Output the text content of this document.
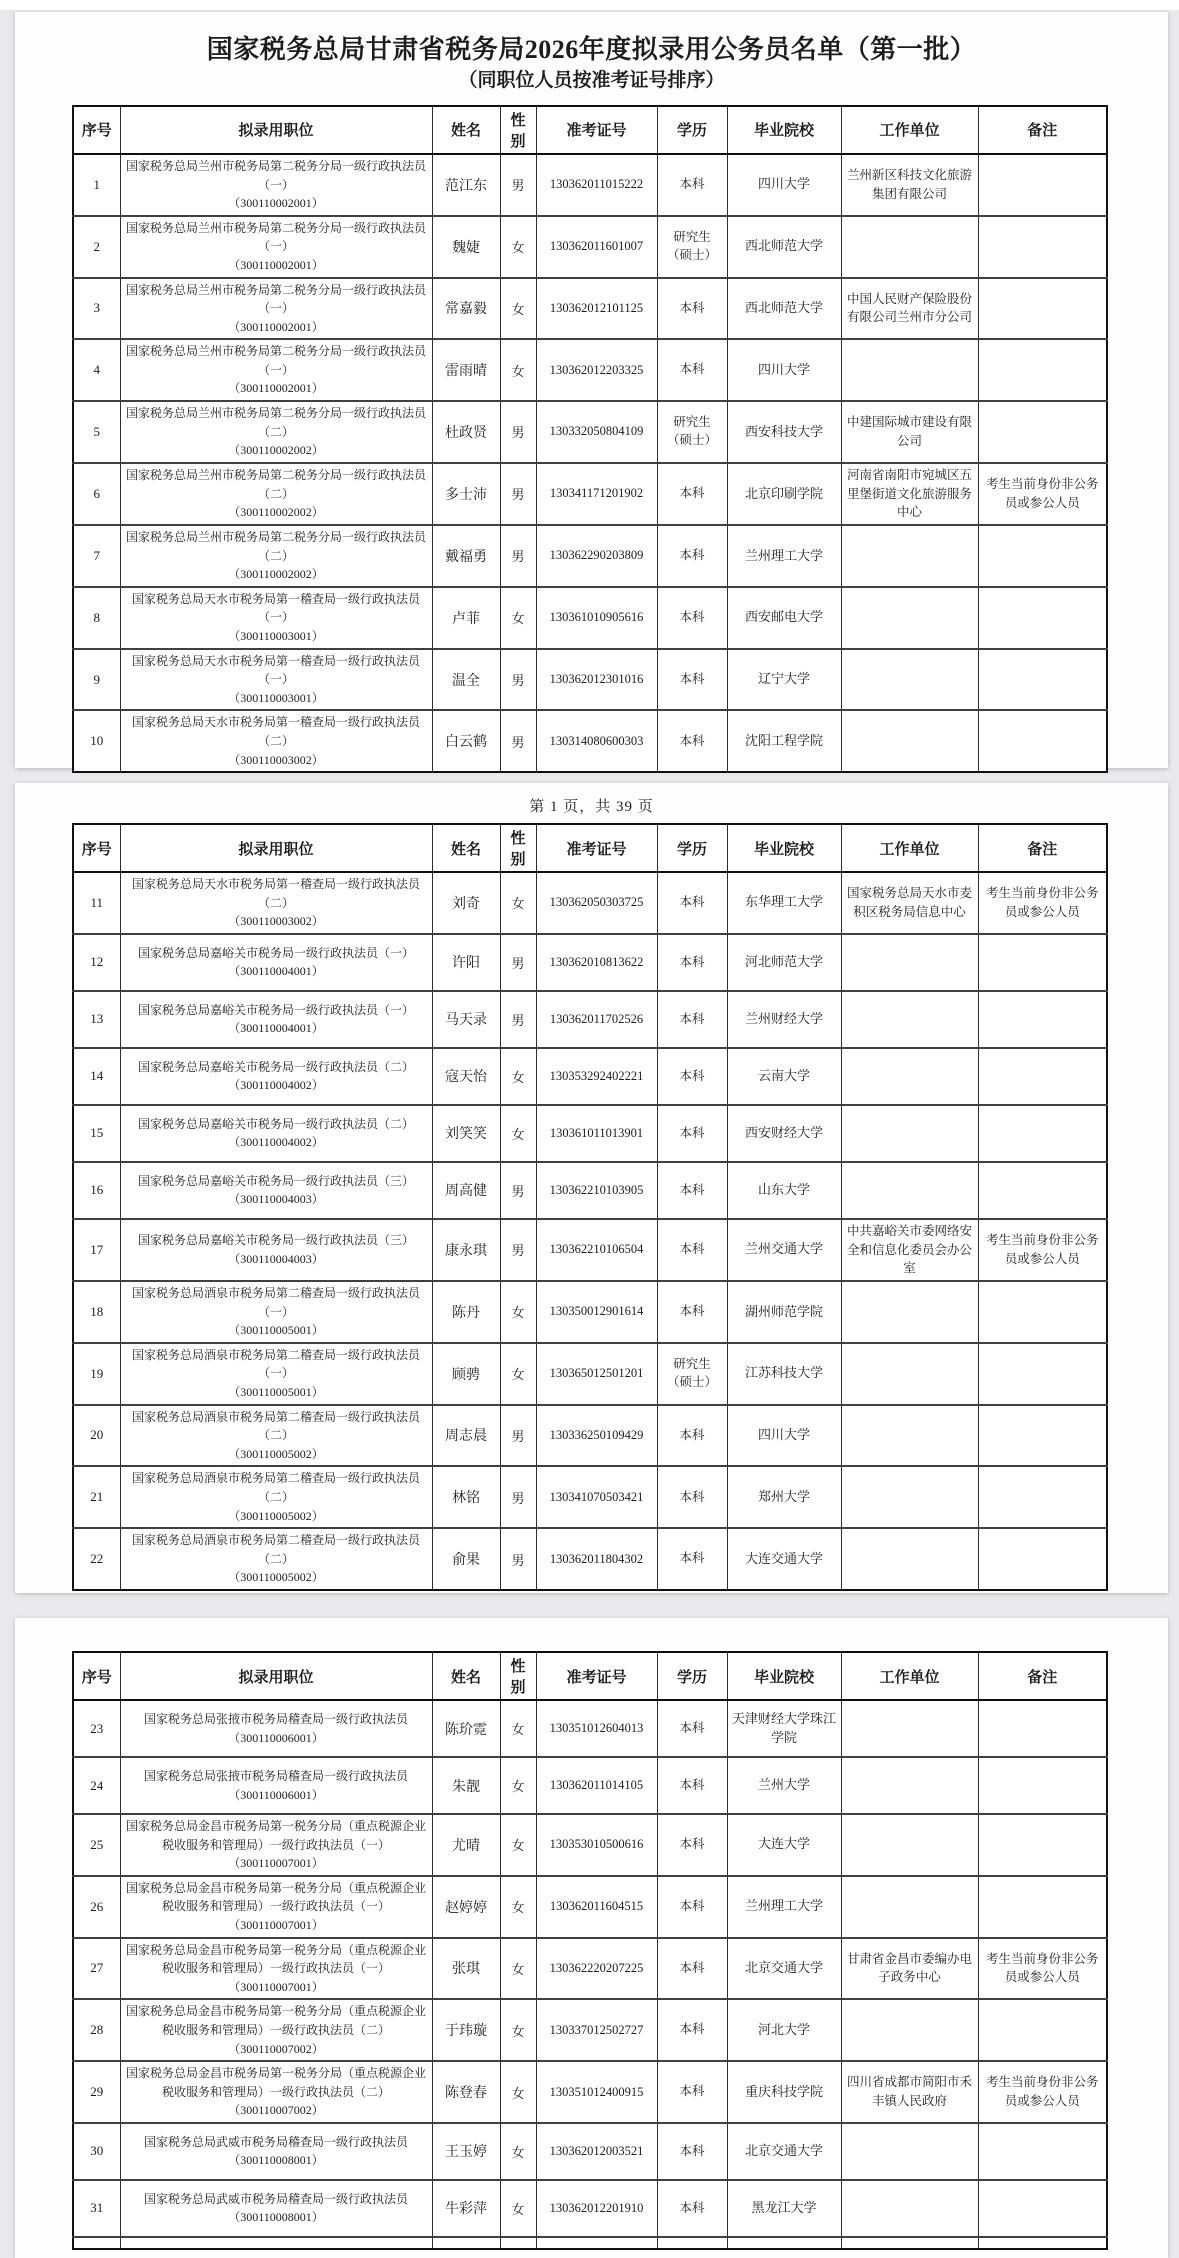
国家税务总局甘肃省税务局2026年度拟录用公务员名单（第一批）
（同职位人员按准考证号排序）
序号	拟录用职位	姓名	性别	准考证号	学历	毕业院校	工作单位	备注
1	国家税务总局兰州市税务局第二税务分局一级行政执法员（一）
（300110002001）	范江东	男	130362011015222	本科	四川大学	兰州新区科技文化旅游集团有限公司	
2	国家税务总局兰州市税务局第二税务分局一级行政执法员（一）
（300110002001）	魏婕	女	130362011601007	研究生（硕士）	西北师范大学		
3	国家税务总局兰州市税务局第二税务分局一级行政执法员（一）
（300110002001）	常嘉毅	女	130362012101125	本科	西北师范大学	中国人民财产保险股份有限公司兰州市分公司	
4	国家税务总局兰州市税务局第二税务分局一级行政执法员（一）
（300110002001）	雷雨晴	女	130362012203325	本科	四川大学		
5	国家税务总局兰州市税务局第二税务分局一级行政执法员（二）
（300110002002）	杜政贤	男	130332050804109	研究生（硕士）	西安科技大学	中建国际城市建设有限公司	
6	国家税务总局兰州市税务局第二税务分局一级行政执法员（二）
（300110002002）	多士沛	男	130341171201902	本科	北京印刷学院	河南省南阳市宛城区五里堡街道文化旅游服务中心	考生当前身份非公务员或参公人员
7	国家税务总局兰州市税务局第二税务分局一级行政执法员（二）
（300110002002）	戴福勇	男	130362290203809	本科	兰州理工大学		
8	国家税务总局天水市税务局第一稽查局一级行政执法员（一）
（300110003001）	卢菲	女	130361010905616	本科	西安邮电大学		
9	国家税务总局天水市税务局第一稽查局一级行政执法员（一）
（300110003001）	温全	男	130362012301016	本科	辽宁大学		
10	国家税务总局天水市税务局第一稽查局一级行政执法员（二）
（300110003002）	白云鹤	男	130314080600303	本科	沈阳工程学院		
第 1 页，共 39 页
序号	拟录用职位	姓名	性别	准考证号	学历	毕业院校	工作单位	备注
11	国家税务总局天水市税务局第一稽查局一级行政执法员（二）
（300110003002）	刘奇	女	130362050303725	本科	东华理工大学	国家税务总局天水市麦积区税务局信息中心	考生当前身份非公务员或参公人员
12	国家税务总局嘉峪关市税务局一级行政执法员（一）
（300110004001）	许阳	男	130362010813622	本科	河北师范大学		
13	国家税务总局嘉峪关市税务局一级行政执法员（一）
（300110004001）	马天录	男	130362011702526	本科	兰州财经大学		
14	国家税务总局嘉峪关市税务局一级行政执法员（二）
（300110004002）	寇天怡	女	130353292402221	本科	云南大学		
15	国家税务总局嘉峪关市税务局一级行政执法员（二）
（300110004002）	刘笑笑	女	130361011013901	本科	西安财经大学		
16	国家税务总局嘉峪关市税务局一级行政执法员（三）
（300110004003）	周高健	男	130362210103905	本科	山东大学		
17	国家税务总局嘉峪关市税务局一级行政执法员（三）
（300110004003）	康永琪	男	130362210106504	本科	兰州交通大学	中共嘉峪关市委网络安全和信息化委员会办公室	考生当前身份非公务员或参公人员
18	国家税务总局酒泉市税务局第二稽查局一级行政执法员（一）
（300110005001）	陈丹	女	130350012901614	本科	湖州师范学院		
19	国家税务总局酒泉市税务局第二稽查局一级行政执法员（一）
（300110005001）	顾骋	女	130365012501201	研究生（硕士）	江苏科技大学		
20	国家税务总局酒泉市税务局第二稽查局一级行政执法员（二）
（300110005002）	周志晨	男	130336250109429	本科	四川大学		
21	国家税务总局酒泉市税务局第二稽查局一级行政执法员（二）
（300110005002）	林铭	男	130341070503421	本科	郑州大学		
22	国家税务总局酒泉市税务局第二稽查局一级行政执法员（二）
（300110005002）	俞果	男	130362011804302	本科	大连交通大学		
序号	拟录用职位	姓名	性别	准考证号	学历	毕业院校	工作单位	备注
23	国家税务总局张掖市税务局稽查局一级行政执法员
（300110006001）	陈玠霓	女	130351012604013	本科	天津财经大学珠江学院		
24	国家税务总局张掖市税务局稽查局一级行政执法员
（300110006001）	朱靓	女	130362011014105	本科	兰州大学		
25	国家税务总局金昌市税务局第一税务分局（重点税源企业税收服务和管理局）一级行政执法员（一）
（300110007001）	尤晴	女	130353010500616	本科	大连大学		
26	国家税务总局金昌市税务局第一税务分局（重点税源企业税收服务和管理局）一级行政执法员（一）
（300110007001）	赵婷婷	女	130362011604515	本科	兰州理工大学		
27	国家税务总局金昌市税务局第一税务分局（重点税源企业税收服务和管理局）一级行政执法员（一）
（300110007001）	张琪	女	130362220207225	本科	北京交通大学	甘肃省金昌市委编办电子政务中心	考生当前身份非公务员或参公人员
28	国家税务总局金昌市税务局第一税务分局（重点税源企业税收服务和管理局）一级行政执法员（二）
（300110007002）	于玮璇	女	130337012502727	本科	河北大学		
29	国家税务总局金昌市税务局第一税务分局（重点税源企业税收服务和管理局）一级行政执法员（二）
（300110007002）	陈登春	女	130351012400915	本科	重庆科技学院	四川省成都市简阳市禾丰镇人民政府	考生当前身份非公务员或参公人员
30	国家税务总局武威市税务局稽查局一级行政执法员
（300110008001）	王玉婷	女	130362012003521	本科	北京交通大学		
31	国家税务总局武威市税务局稽查局一级行政执法员
（300110008001）	牛彩萍	女	130362012201910	本科	黑龙江大学		
